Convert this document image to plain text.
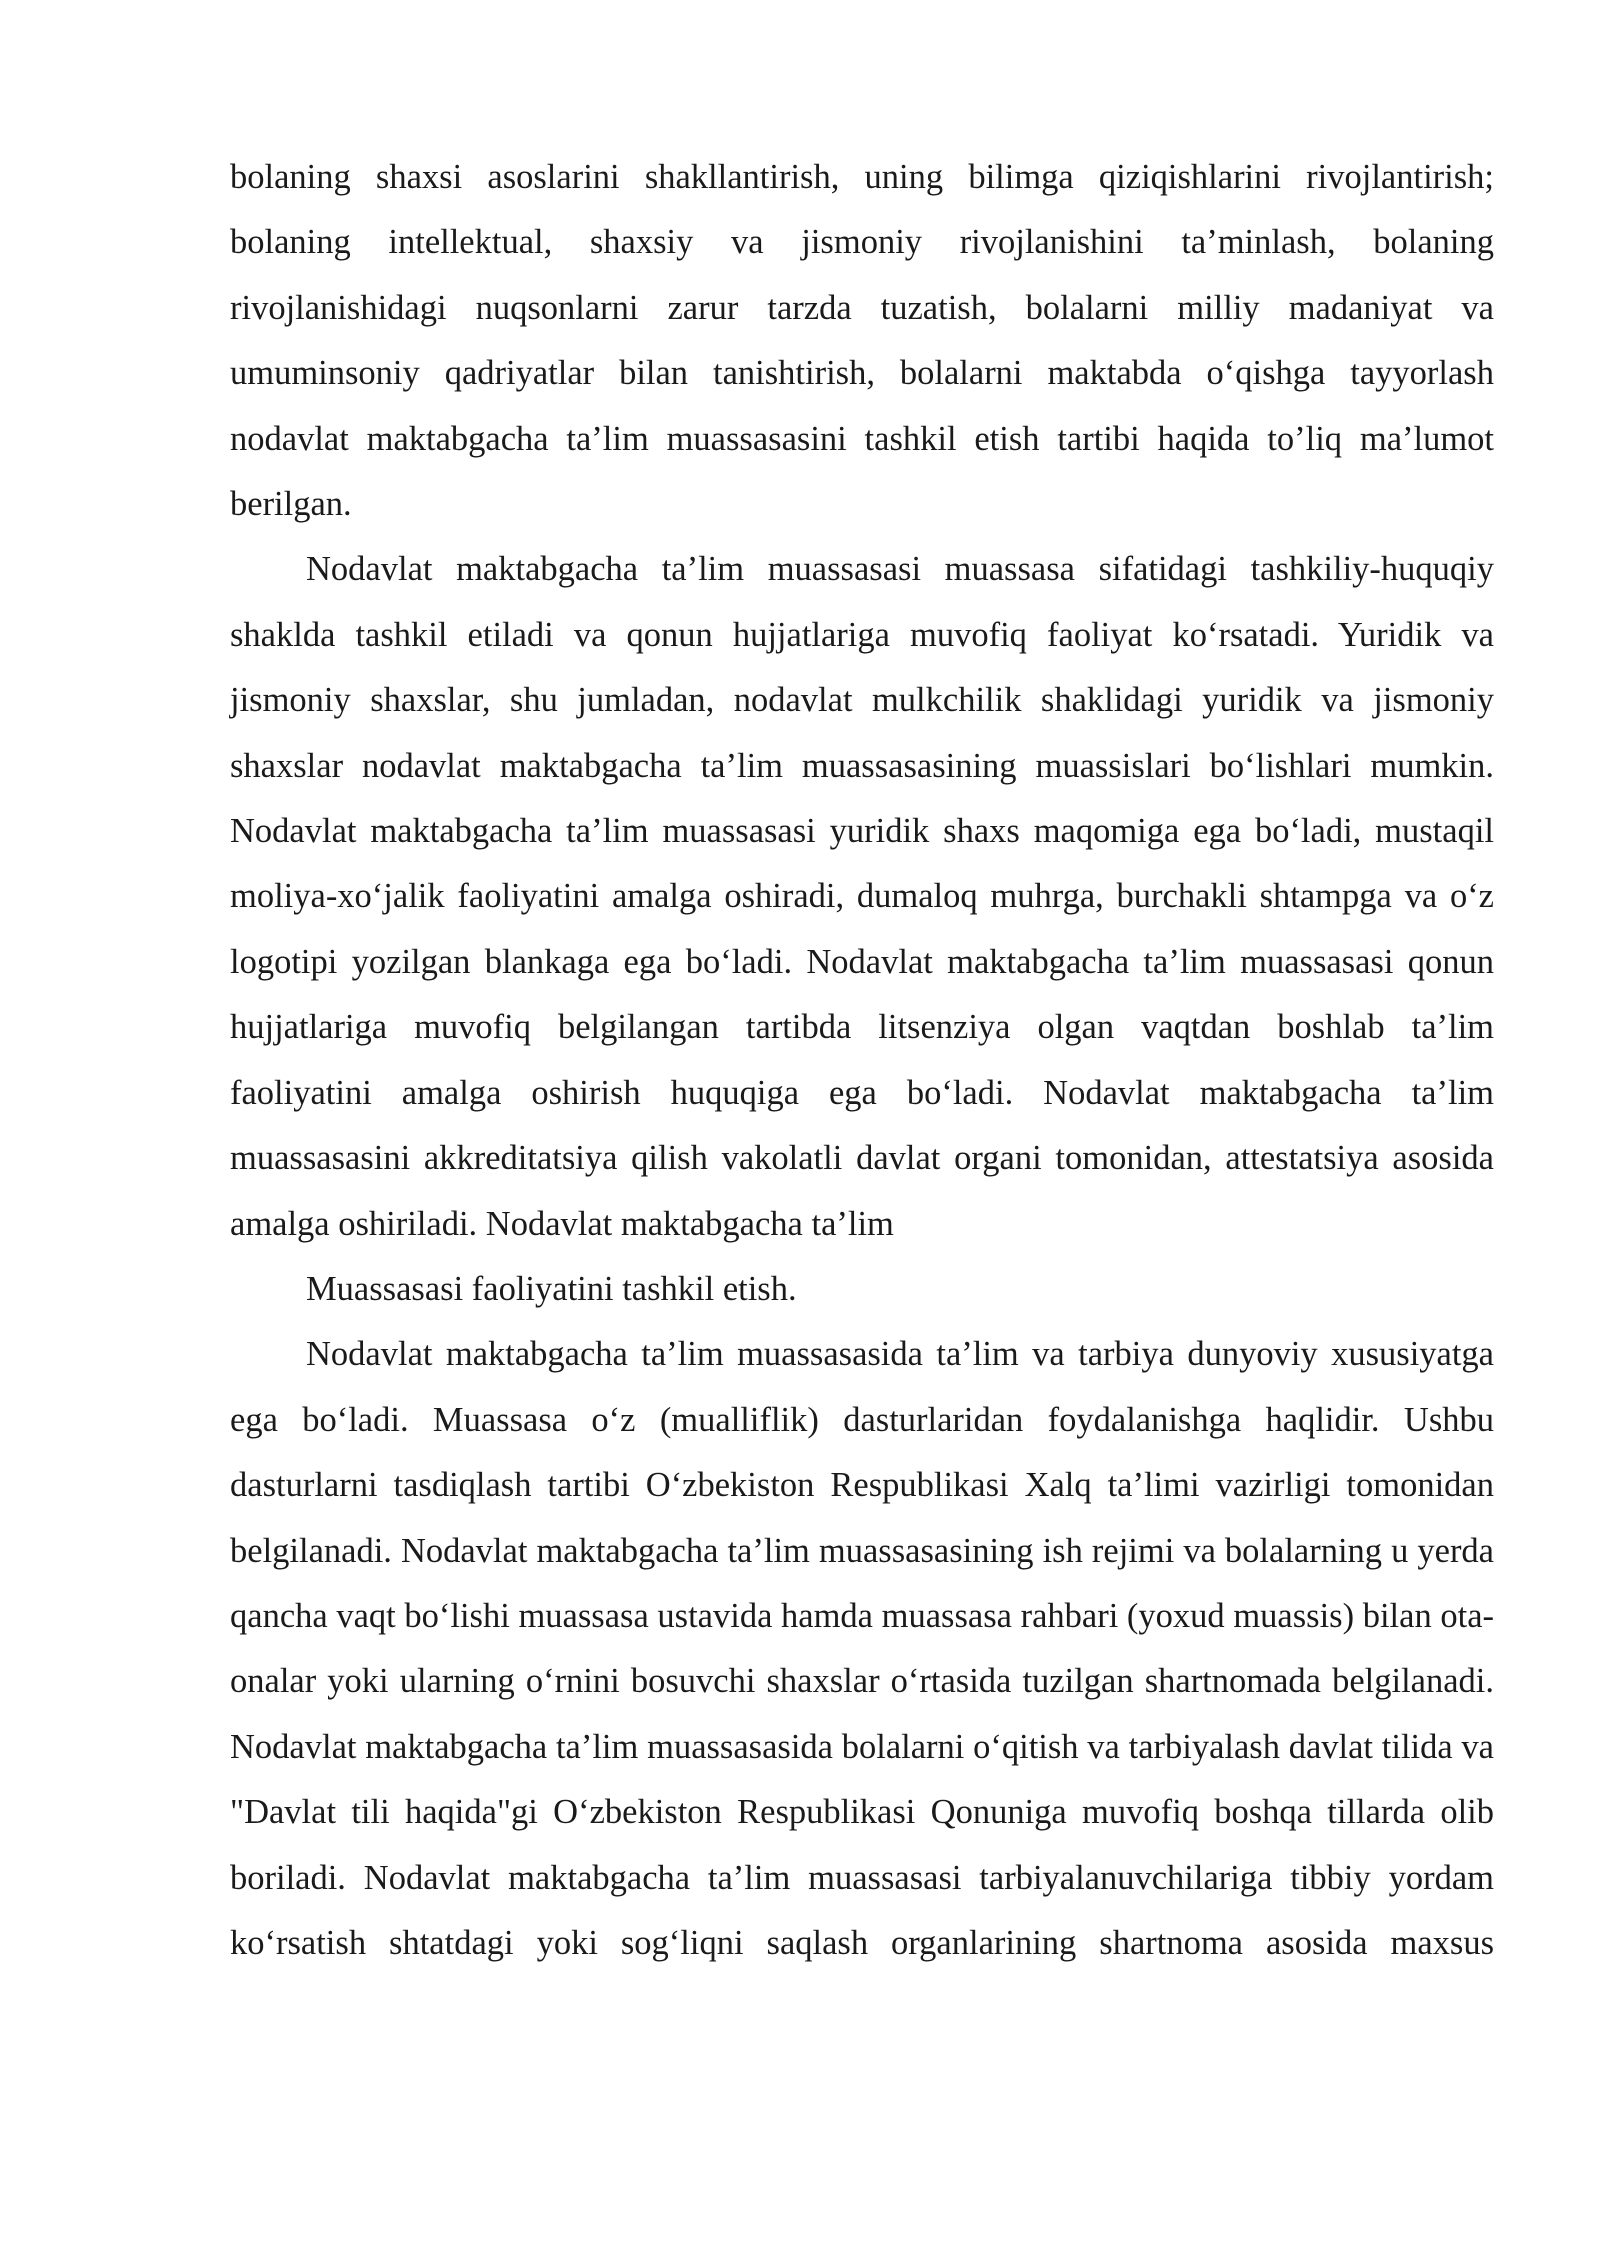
bolaning shaxsi asoslarini shakllantirish, uning bilimga qiziqishlarini rivojlantirish; bolaning intellektual, shaxsiy va jismoniy rivojlanishini ta’minlash, bolaning rivojlanishidagi nuqsonlarni zarur tarzda tuzatish, bolalarni milliy madaniyat va umuminsoniy qadriyatlar bilan tanishtirish, bolalarni maktabda o‘qishga tayyorlash nodavlat maktabgacha ta’lim muassasasini tashkil etish tartibi haqida to’liq ma’lumot berilgan.

Nodavlat maktabgacha ta’lim muassasasi muassasa sifatidagi tashkiliy-huquqiy shaklda tashkil etiladi va qonun hujjatlariga muvofiq faoliyat ko‘rsatadi. Yuridik va jismoniy shaxslar, shu jumladan, nodavlat mulkchilik shaklidagi yuridik va jismoniy shaxslar nodavlat maktabgacha ta’lim muassasasining muassislari bo‘lishlari mumkin. Nodavlat maktabgacha ta’lim muassasasi yuridik shaxs maqomiga ega bo‘ladi, mustaqil moliya-xo‘jalik faoliyatini amalga oshiradi, dumaloq muhrga, burchakli shtampga va o‘z logotipi yozilgan blankaga ega bo‘ladi. Nodavlat maktabgacha ta’lim muassasasi qonun hujjatlariga muvofiq belgilangan tartibda litsenziya olgan vaqtdan boshlab ta’lim faoliyatini amalga oshirish huquqiga ega bo‘ladi. Nodavlat maktabgacha ta’lim muassasasini akkreditatsiya qilish vakolatli davlat organi tomonidan, attestatsiya asosida amalga oshiriladi. Nodavlat maktabgacha ta’lim

Muassasasi faoliyatini tashkil etish.

Nodavlat maktabgacha ta’lim muassasasida ta’lim va tarbiya dunyoviy xususiyatga ega bo‘ladi. Muassasa o‘z (mualliflik) dasturlaridan foydalanishga haqlidir. Ushbu dasturlarni tasdiqlash tartibi O‘zbekiston Respublikasi Xalq ta’limi vazirligi tomonidan belgilanadi. Nodavlat maktabgacha ta’lim muassasasining ish rejimi va bolalarning u yerda qancha vaqt bo‘lishi muassasa ustavida hamda muassasa rahbari (yoxud muassis) bilan ota-onalar yoki ularning o‘rnini bosuvchi shaxslar o‘rtasida tuzilgan shartnomada belgilanadi. Nodavlat maktabgacha ta’lim muassasasida bolalarni o‘qitish va tarbiyalash davlat tilida va "Davlat tili haqida"gi O‘zbekiston Respublikasi Qonuniga muvofiq boshqa tillarda olib boriladi. Nodavlat maktabgacha ta’lim muassasasi tarbiyalanuvchilariga tibbiy yordam ko‘rsatish shtatdagi yoki sog‘liqni saqlash organlarining shartnoma asosida maxsus
